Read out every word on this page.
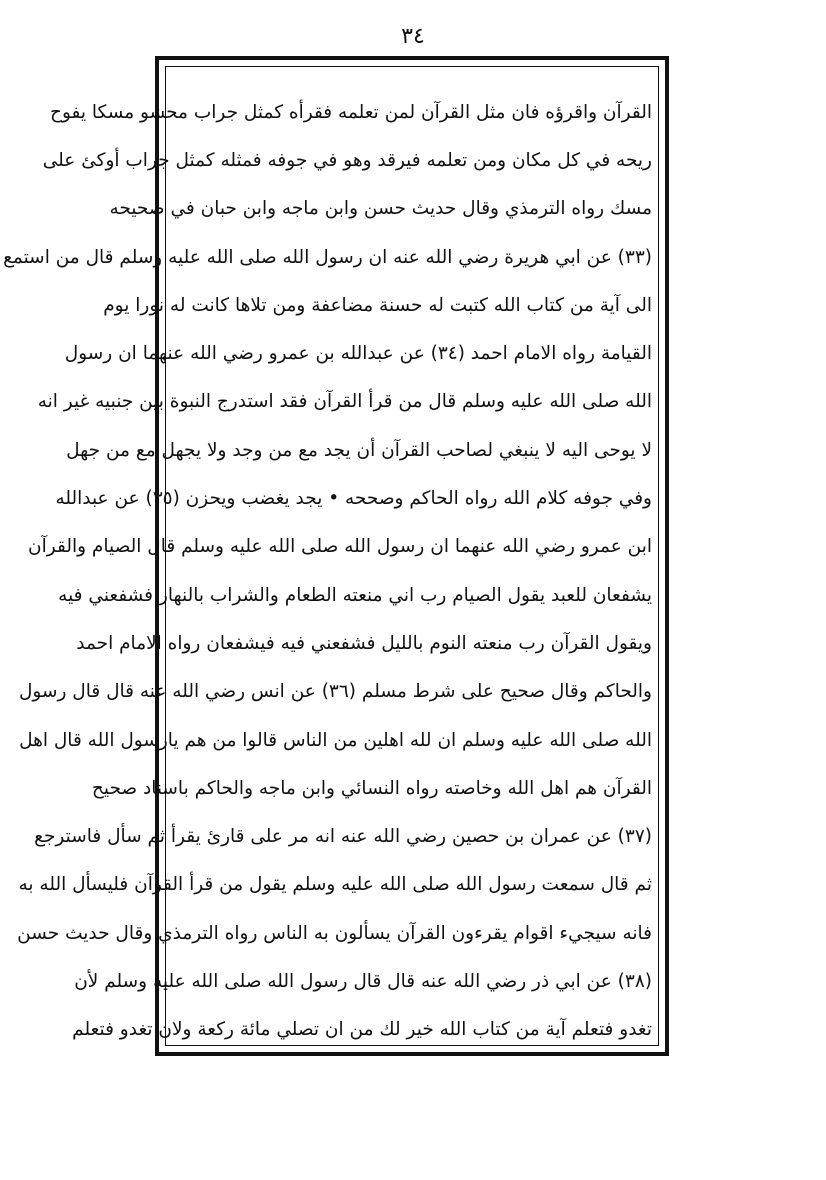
٣٤
القرآن واقرؤه فان مثل القرآن لمن تعلمه فقرأه كمثل جراب محشو مسكا يفوح
ريحه في كل مكان ومن تعلمه فيرقد وهو في جوفه فمثله كمثل جراب أوكئ على
مسك رواه الترمذي وقال حديث حسن وابن ماجه وابن حبان في صحيحه
(٣٣) عن ابي هريرة رضي الله عنه ان رسول الله صلى الله عليه وسلم قال من استمع
الى آية من كتاب الله كتبت له حسنة مضاعفة ومن تلاها كانت له نورا يوم
القيامة رواه الامام احمد (٣٤) عن عبدالله بن عمرو رضي الله عنهما ان رسول
الله صلى الله عليه وسلم قال من قرأ القرآن فقد استدرج النبوة بين جنبيه غير انه
لا يوحى اليه لا ينبغي لصاحب القرآن أن يجد مع من وجد ولا يجهل مع من جهل
وفي جوفه كلام الله رواه الحاكم وصححه • يجد يغضب ويحزن (٣٥) عن عبدالله
ابن عمرو رضي الله عنهما ان رسول الله صلى الله عليه وسلم قال الصيام والقرآن
يشفعان للعبد يقول الصيام رب اني منعته الطعام والشراب بالنهار فشفعني فيه
ويقول القرآن رب منعته النوم بالليل فشفعني فيه فيشفعان رواه الامام احمد
والحاكم وقال صحيح على شرط مسلم (٣٦) عن انس رضي الله عنه قال قال رسول
الله صلى الله عليه وسلم ان لله اهلين من الناس قالوا من هم يارسول الله قال اهل
القرآن هم اهل الله وخاصته رواه النسائي وابن ماجه والحاكم باسناد صحيح
(٣٧) عن عمران بن حصين رضي الله عنه انه مر على قارئ يقرأ ثم سأل فاسترجع
ثم قال سمعت رسول الله صلى الله عليه وسلم يقول من قرأ القرآن فليسأل الله به
فانه سيجيء اقوام يقرءون القرآن يسألون به الناس رواه الترمذي وقال حديث حسن
(٣٨) عن ابي ذر رضي الله عنه قال قال رسول الله صلى الله عليه وسلم لأن
تغدو فتعلم آية من كتاب الله خير لك من ان تصلي مائة ركعة ولان تغدو فتعلم
